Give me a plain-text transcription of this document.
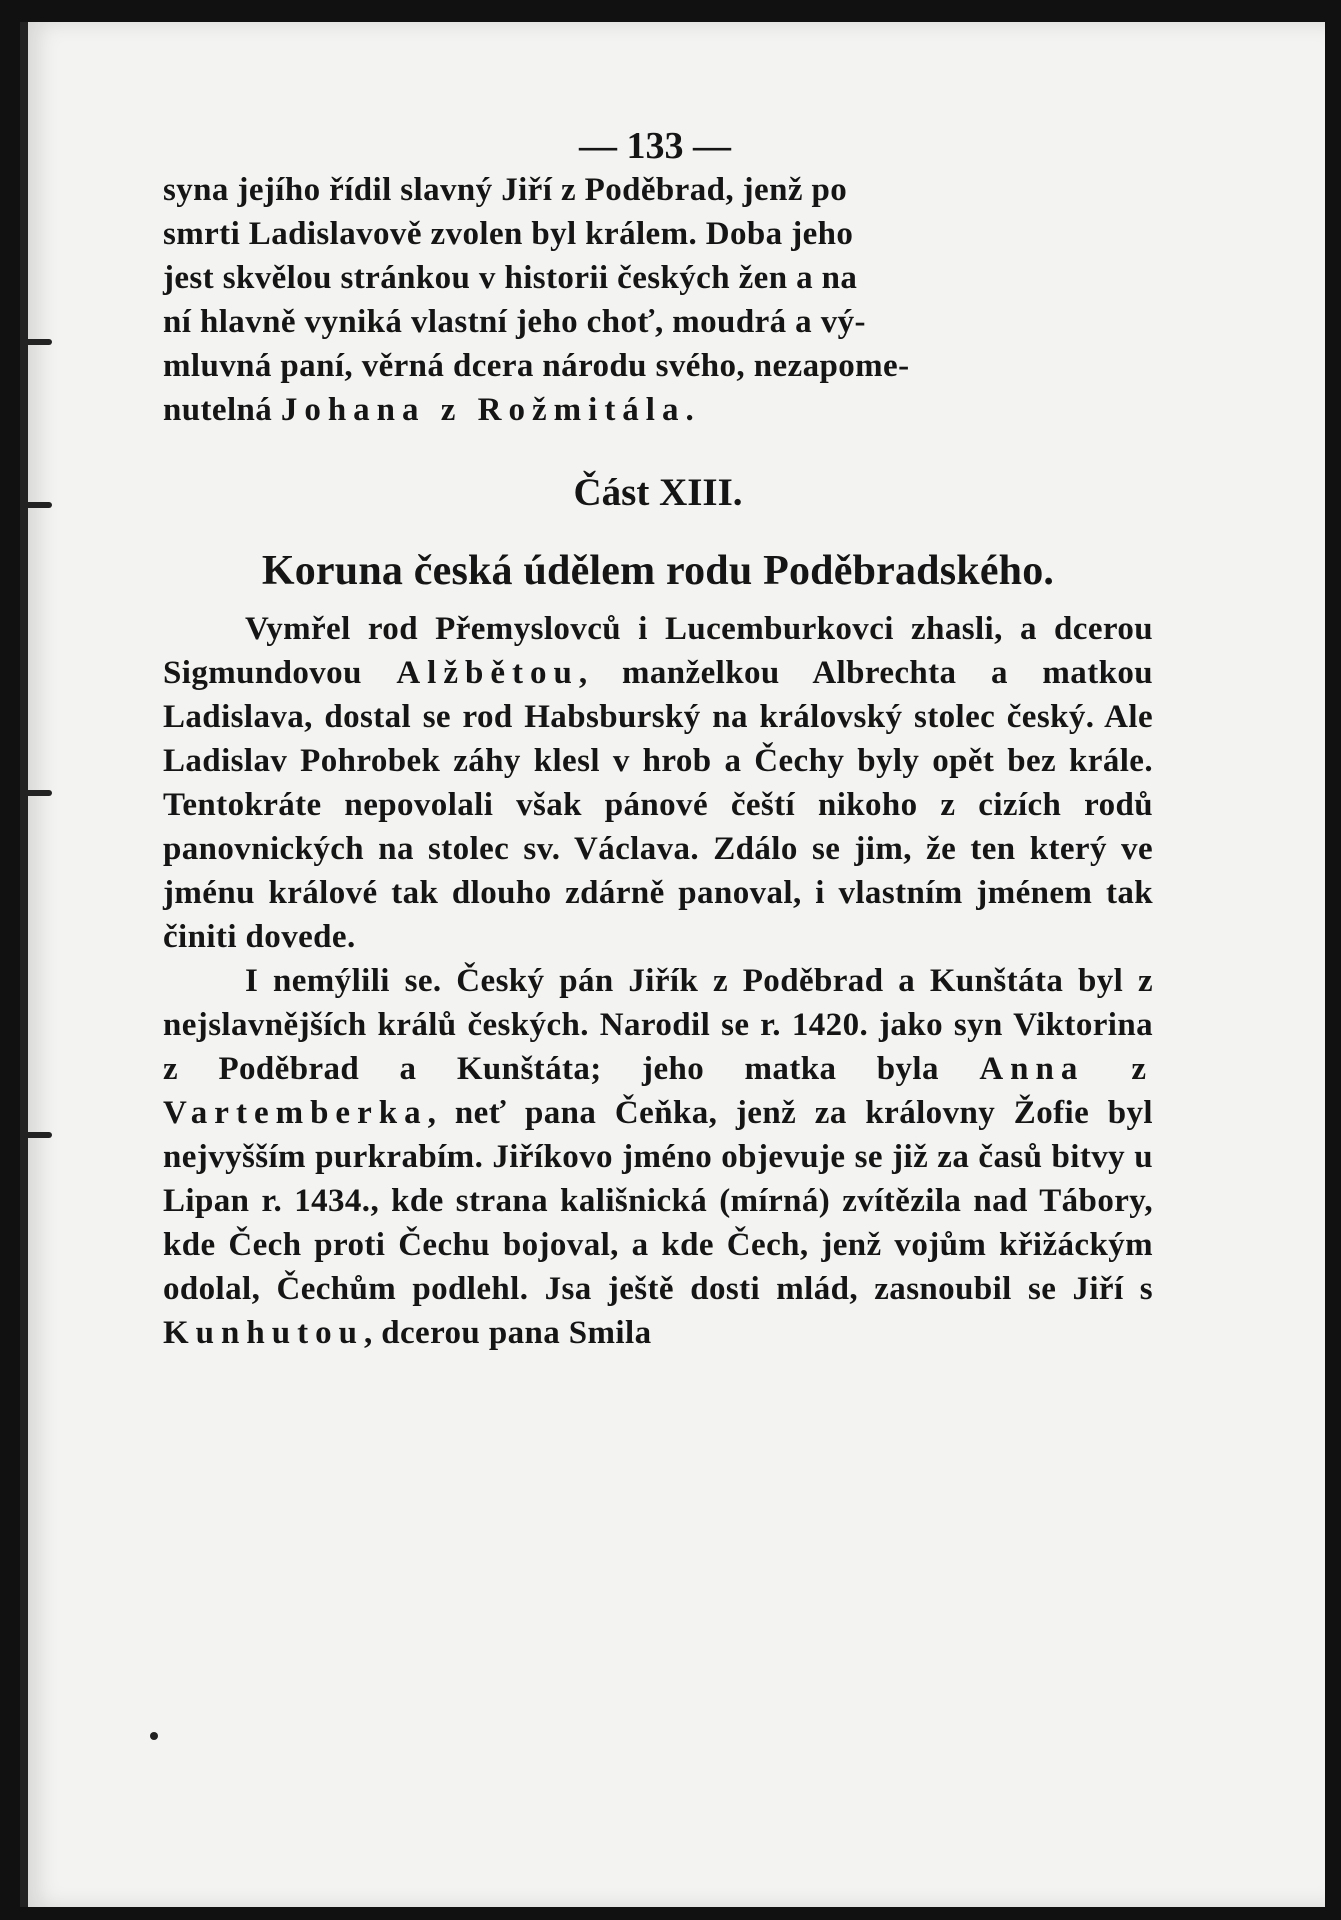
— 133 —

syna jejího řídil slavný Jiří z Poděbrad, jenž po

smrti Ladislavově zvolen byl králem. Doba jeho

jest skvělou stránkou v historii českých žen a na

ní hlavně vyniká vlastní jeho choť, moudrá a vý-

mluvná paní, věrná dcera národu svého, nezapome-

nutelná Johana z Rožmitála.

Část XIII.
Koruna česká údělem rodu Poděbradského.

Vymřel rod Přemyslovců i Lucemburkovci zhasli, a dcerou Sigmundovou Alžbětou, manželkou Albrechta a matkou Ladislava, dostal se rod Habsburský na královský stolec český. Ale Ladislav Pohrobek záhy klesl v hrob a Čechy byly opět bez krále. Tentokráte nepovolali však pánové čeští nikoho z cizích rodů panovnických na stolec sv. Václava. Zdálo se jim, že ten který ve jménu králové tak dlouho zdárně panoval, i vlastním jménem tak činiti dovede.

I nemýlili se. Český pán Jiřík z Poděbrad a Kunštáta byl z nejslavnějších králů českých. Narodil se r. 1420. jako syn Viktorina z Poděbrad a Kunštáta; jeho matka byla Anna z Vartemberka, neť pana Čeňka, jenž za královny Žofie byl nejvyšším purkrabím. Jiříkovo jméno objevuje se již za časů bitvy u Lipan r. 1434., kde strana kališnická (mírná) zvítězila nad Tábory, kde Čech proti Čechu bojoval, a kde Čech, jenž vojům křižáckým odolal, Čechům podlehl. Jsa ještě dosti mlád, zasnoubil se Jiří s Kunhutou, dcerou pana Smila
